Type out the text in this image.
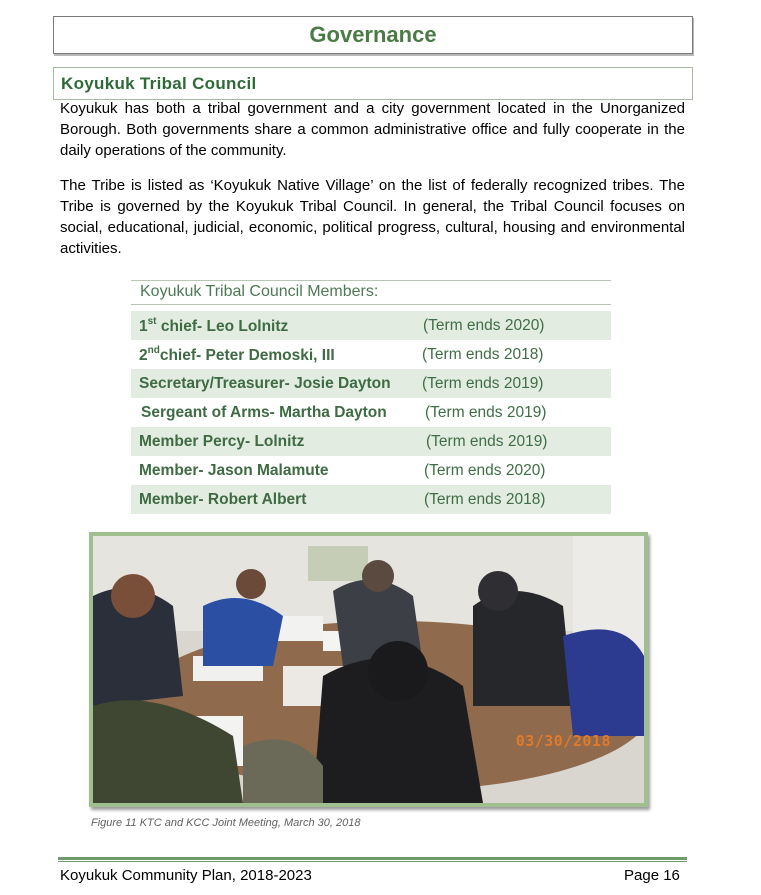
Governance
Koyukuk Tribal Council
Koyukuk has both a tribal government and a city government located in the Unorganized Borough. Both governments share a common administrative office and fully cooperate in the daily operations of the community.
The Tribe is listed as ‘Koyukuk Native Village’ on the list of federally recognized tribes. The Tribe is governed by the Koyukuk Tribal Council. In general, the Tribal Council focuses on social, educational, judicial, economic, political progress, cultural, housing and environmental activities.
Koyukuk Tribal Council Members:
1st chief- Leo Lolnitz	(Term ends 2020)
2ndchief- Peter Demoski, III	(Term ends 2018)
Secretary/Treasurer- Josie Dayton (Term ends 2019)
Sergeant of Arms- Martha Dayton (Term ends 2019)
Member Percy- Lolnitz	(Term ends 2019)
Member- Jason Malamute	(Term ends 2020)
Member- Robert Albert	(Term ends 2018)
03/30/2018
Figure 11 KTC and KCC Joint Meeting, March 30, 2018
Koyukuk Community Plan, 2018-2023	Page 16
